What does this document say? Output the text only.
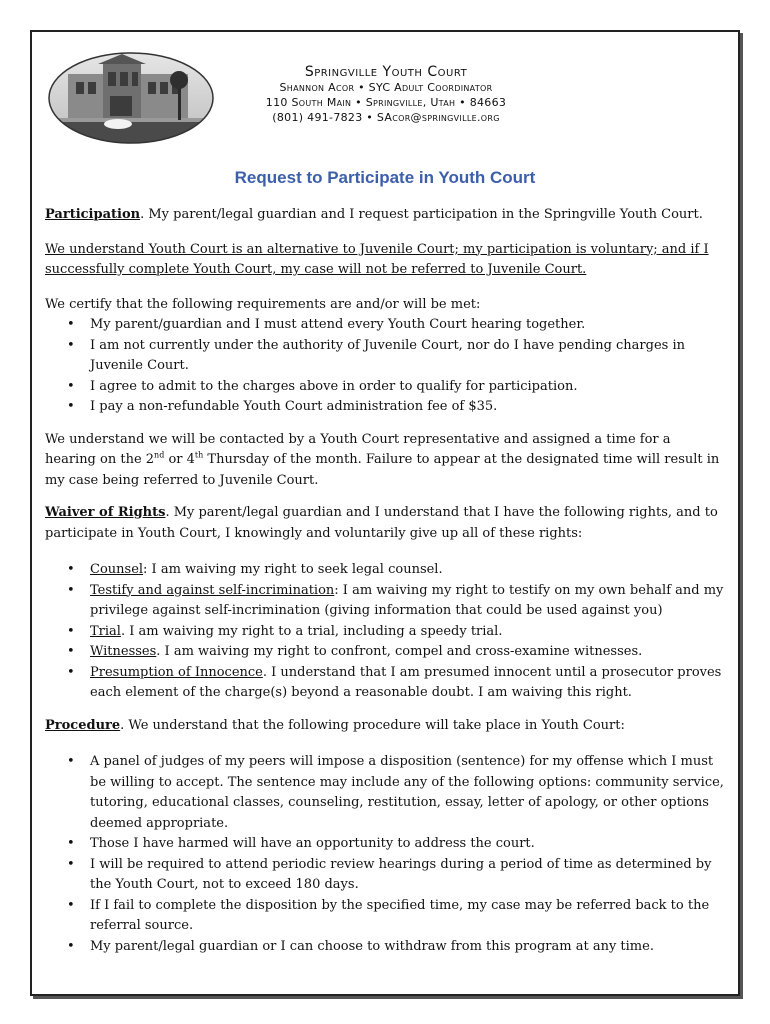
Springville Youth Court
Shannon Acor • SYC Adult Coordinator
110 South Main • Springville, Utah • 84663
(801) 491-7823 • SAcor@springville.org
Request to Participate in Youth Court

Participation. My parent/legal guardian and I request participation in the Springville Youth Court.

We understand Youth Court is an alternative to Juvenile Court; my participation is voluntary; and if I successfully complete Youth Court, my case will not be referred to Juvenile Court.

We certify that the following requirements are and/or will be met:

• My parent/guardian and I must attend every Youth Court hearing together.
• I am not currently under the authority of Juvenile Court, nor do I have pending charges in Juvenile Court.
• I agree to admit to the charges above in order to qualify for participation.
• I pay a non-refundable Youth Court administration fee of $35.

We understand we will be contacted by a Youth Court representative and assigned a time for a hearing on the 2nd or 4th Thursday of the month. Failure to appear at the designated time will result in my case being referred to Juvenile Court.

Waiver of Rights. My parent/legal guardian and I understand that I have the following rights, and to participate in Youth Court, I knowingly and voluntarily give up all of these rights:

• Counsel: I am waiving my right to seek legal counsel.
• Testify and against self-incrimination: I am waiving my right to testify on my own behalf and my privilege against self-incrimination (giving information that could be used against you)
• Trial. I am waiving my right to a trial, including a speedy trial.
• Witnesses. I am waiving my right to confront, compel and cross-examine witnesses.
• Presumption of Innocence. I understand that I am presumed innocent until a prosecutor proves each element of the charge(s) beyond a reasonable doubt. I am waiving this right.

Procedure. We understand that the following procedure will take place in Youth Court:

• A panel of judges of my peers will impose a disposition (sentence) for my offense which I must be willing to accept. The sentence may include any of the following options: community service, tutoring, educational classes, counseling, restitution, essay, letter of apology, or other options deemed appropriate.
• Those I have harmed will have an opportunity to address the court.
• I will be required to attend periodic review hearings during a period of time as determined by the Youth Court, not to exceed 180 days.
• If I fail to complete the disposition by the specified time, my case may be referred back to the referral source.
• My parent/legal guardian or I can choose to withdraw from this program at any time.
